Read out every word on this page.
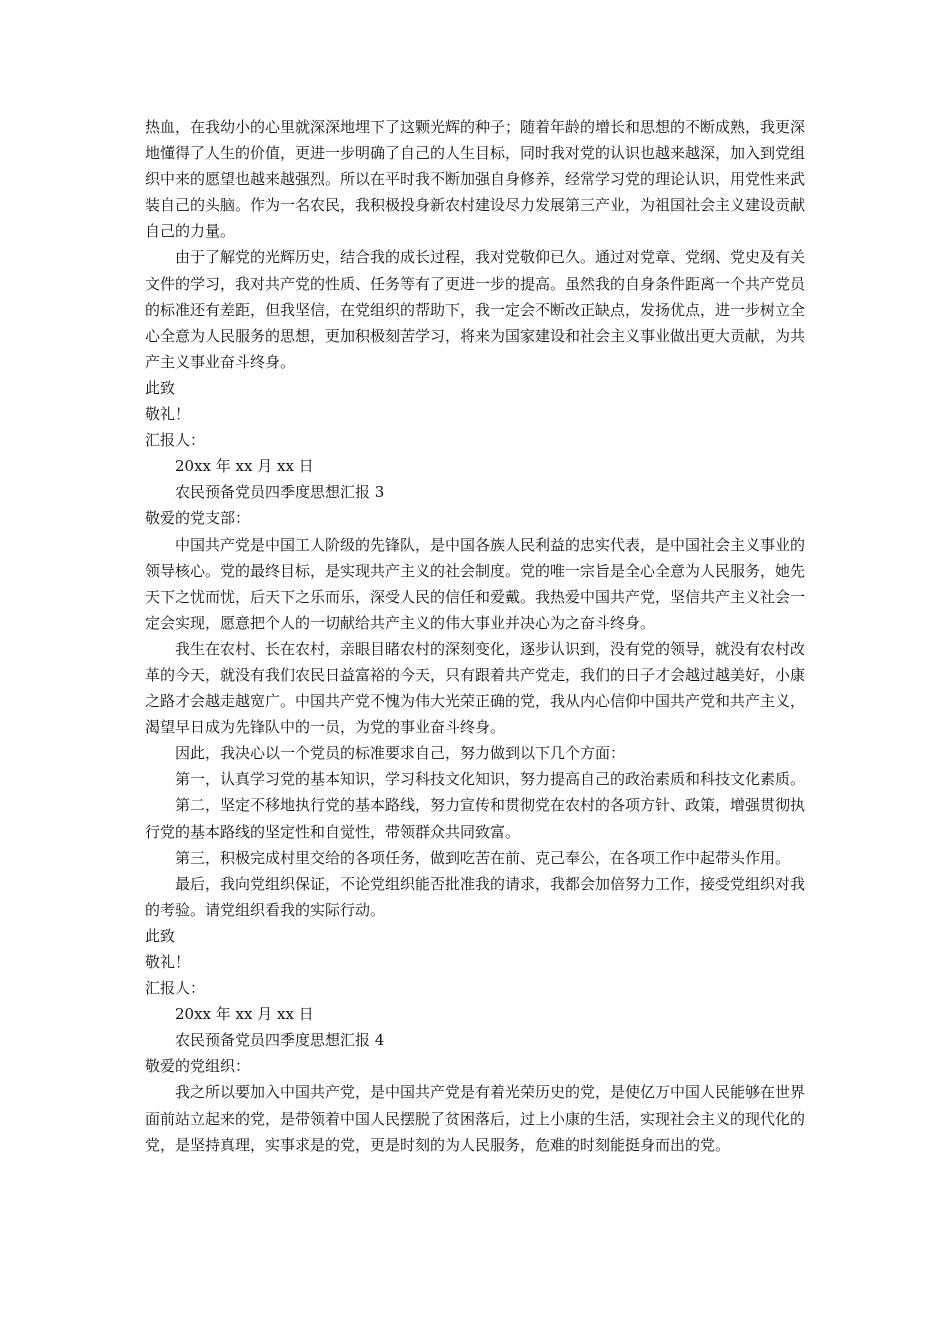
热血，在我幼小的心里就深深地埋下了这颗光辉的种子；随着年龄的增长和思想的不断成熟，我更深地懂得了人生的价值，更进一步明确了自己的人生目标，同时我对党的认识也越来越深，加入到党组织中来的愿望也越来越强烈。所以在平时我不断加强自身修养，经常学习党的理论认识，用党性来武装自己的头脑。作为一名农民，我积极投身新农村建设尽力发展第三产业，为祖国社会主义建设贡献自己的力量。

由于了解党的光辉历史，结合我的成长过程，我对党敬仰已久。通过对党章、党纲、党史及有关文件的学习，我对共产党的性质、任务等有了更进一步的提高。虽然我的自身条件距离一个共产党员的标准还有差距，但我坚信，在党组织的帮助下，我一定会不断改正缺点，发扬优点，进一步树立全心全意为人民服务的思想，更加积极刻苦学习，将来为国家建设和社会主义事业做出更大贡献，为共产主义事业奋斗终身。

此致

敬礼！

汇报人：

20xx 年 xx 月 xx 日

农民预备党员四季度思想汇报 3

敬爱的党支部：

中国共产党是中国工人阶级的先锋队，是中国各族人民利益的忠实代表，是中国社会主义事业的领导核心。党的最终目标，是实现共产主义的社会制度。党的唯一宗旨是全心全意为人民服务，她先天下之忧而忧，后天下之乐而乐，深受人民的信任和爱戴。我热爱中国共产党，坚信共产主义社会一定会实现，愿意把个人的一切献给共产主义的伟大事业并决心为之奋斗终身。

我生在农村、长在农村，亲眼目睹农村的深刻变化，逐步认识到，没有党的领导，就没有农村改革的今天，就没有我们农民日益富裕的今天，只有跟着共产党走，我们的日子才会越过越美好，小康之路才会越走越宽广。中国共产党不愧为伟大光荣正确的党，我从内心信仰中国共产党和共产主义，渴望早日成为先锋队中的一员，为党的事业奋斗终身。

因此，我决心以一个党员的标准要求自己，努力做到以下几个方面：

第一，认真学习党的基本知识，学习科技文化知识，努力提高自己的政治素质和科技文化素质。

第二，坚定不移地执行党的基本路线，努力宣传和贯彻党在农村的各项方针、政策，增强贯彻执行党的基本路线的坚定性和自觉性，带领群众共同致富。

第三，积极完成村里交给的各项任务，做到吃苦在前、克己奉公，在各项工作中起带头作用。

最后，我向党组织保证，不论党组织能否批准我的请求，我都会加倍努力工作，接受党组织对我的考验。请党组织看我的实际行动。

此致

敬礼！

汇报人：

20xx 年 xx 月 xx 日

农民预备党员四季度思想汇报 4

敬爱的党组织：

我之所以要加入中国共产党，是中国共产党是有着光荣历史的党，是使亿万中国人民能够在世界面前站立起来的党，是带领着中国人民摆脱了贫困落后，过上小康的生活，实现社会主义的现代化的党，是坚持真理，实事求是的党，更是时刻的为人民服务，危难的时刻能挺身而出的党。
